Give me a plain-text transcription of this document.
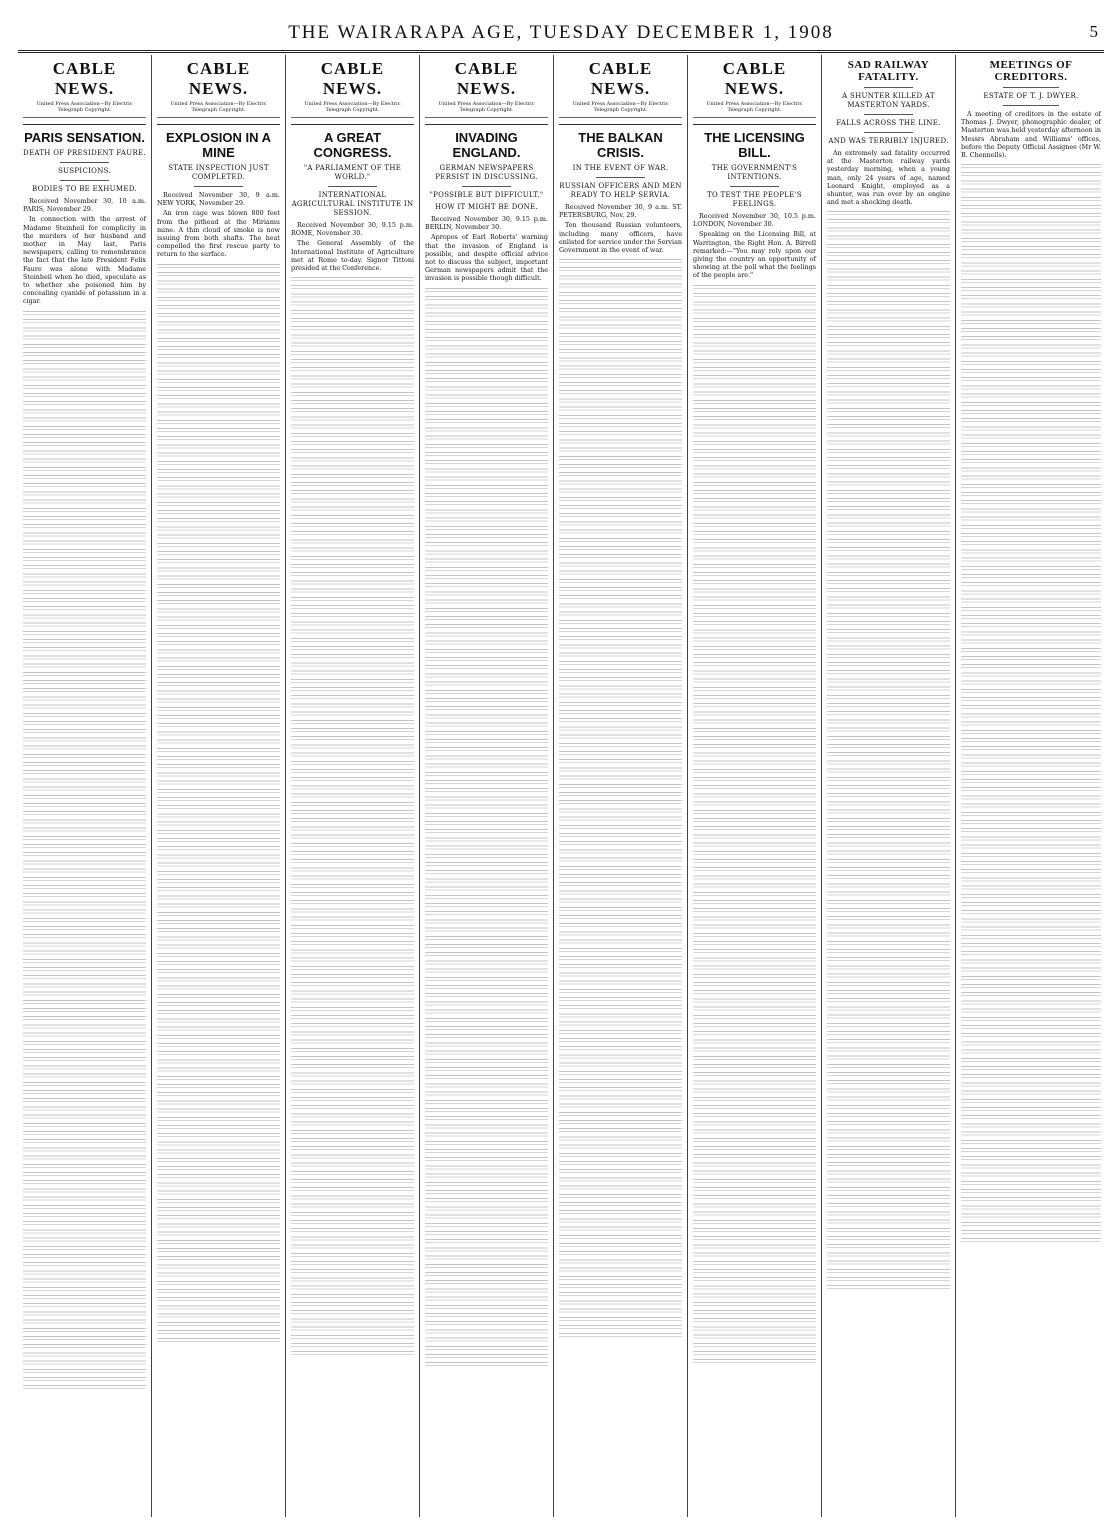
THE WAIRARAPA AGE, TUESDAY DECEMBER 1, 1908	5
CABLE NEWS.
United Press Association—By Electric Telegraph Copyright.
PARIS SENSATION.
DEATH OF PRESIDENT FAURE.
SUSPICIONS.
BODIES TO BE EXHUMED.
Received November 30, 10 a.m. PARIS, November 29.
In connection with the arrest of Madame Steinheil for complicity in the murders of her husband and mother in May last, Paris newspapers, calling to remembrance the fact that the late President Felix Faure was alone with Madame Steinheil when he died, speculate as to whether she poisoned him by concealing cyanide of potassium in a cigar.
CABLE NEWS.
United Press Association—By Electric Telegraph Copyright.
EXPLOSION IN A MINE
STATE INSPECTION JUST COMPLETED.
Received November 30, 9 a.m. NEW YORK, November 29.
An iron cage was blown 800 feet from the pithead at the Miriamu mine. A thin cloud of smoke is now issuing from both shafts. The heat compelled the first rescue party to return to the surface.
CABLE NEWS.
United Press Association—By Electric Telegraph Copyright.
A GREAT CONGRESS.
"A PARLIAMENT OF THE WORLD."
INTERNATIONAL AGRICULTURAL INSTITUTE IN SESSION.
Received November 30, 9.15 p.m. ROME, November 30.
The General Assembly of the International Institute of Agriculture met at Rome to-day. Signor Tittoni presided at the Conference.
CABLE NEWS.
United Press Association—By Electric Telegraph Copyright.
INVADING ENGLAND.
GERMAN NEWSPAPERS PERSIST IN DISCUSSING.
"POSSIBLE BUT DIFFICULT."
HOW IT MIGHT BE DONE.
Received November 30, 9.15 p.m. BERLIN, November 30.
Apropos of Earl Roberts' warning that the invasion of England is possible, and despite official advice not to discuss the subject, important German newspapers admit that the invasion is possible though difficult.
CABLE NEWS.
United Press Association—By Electric Telegraph Copyright.
THE BALKAN CRISIS.
IN THE EVENT OF WAR.
RUSSIAN OFFICERS AND MEN READY TO HELP SERVIA.
Received November 30, 9 a.m. ST. PETERSBURG, Nov. 29.
Ten thousand Russian volunteers, including many officers, have enlisted for service under the Servian Government in the event of war.
CABLE NEWS.
United Press Association—By Electric Telegraph Copyright.
THE LICENSING BILL.
THE GOVERNMENT'S INTENTIONS.
TO TEST THE PEOPLE'S FEELINGS.
Received November 30, 10.5 p.m. LONDON, November 30.
Speaking on the Licensing Bill, at Warrington, the Right Hon. A. Birrell remarked:—"You may rely upon our giving the country an opportunity of showing at the poll what the feelings of the people are."
SAD RAILWAY FATALITY.
A SHUNTER KILLED AT MASTERTON YARDS.
FALLS ACROSS THE LINE.
AND WAS TERRIBLY INJURED.
An extremely sad fatality occurred at the Masterton railway yards yesterday morning, when a young man, only 24 years of age, named Leonard Knight, employed as a shunter, was run over by an engine and met a shocking death.
MEETINGS OF CREDITORS.
ESTATE OF T. J. DWYER.
A meeting of creditors in the estate of Thomas J. Dwyer, phonographic dealer, of Masterton was held yesterday afternoon in Messrs Abraham and Williams' offices, before the Deputy Official Assignee (Mr W. B. Chennells).
